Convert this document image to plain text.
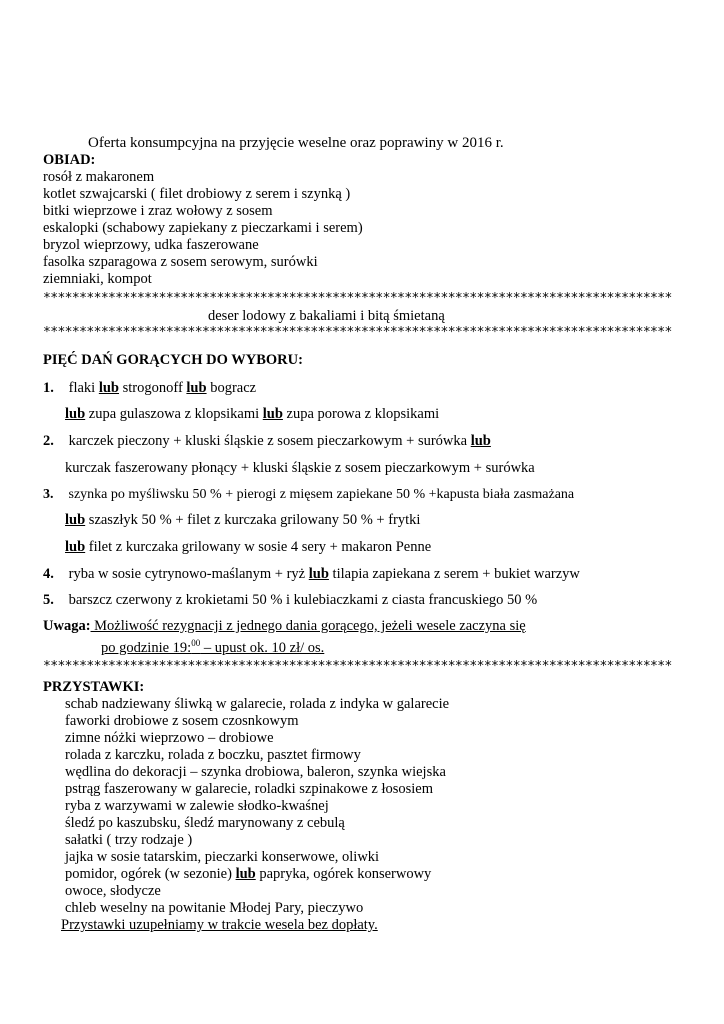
Oferta konsumpcyjna na przyjęcie weselne oraz poprawiny w 2016 r.
OBIAD:
rosół z makaronem
kotlet szwajcarski ( filet drobiowy z serem i szynką )
bitki wieprzowe i zraz wołowy z sosem
eskalopki (schabowy zapiekany z pieczarkami i serem)
bryzol wieprzowy, udka faszerowane
fasolka szparagowa z sosem serowym, surówki
ziemniaki, kompot
***************************************************************************************
deser lodowy z bakaliami i bitą śmietaną
***************************************************************************************
PIĘĆ DAŃ GORĄCYCH DO WYBORU:
1. flaki lub strogonoff lub bogracz
lub zupa gulaszowa z klopsikami lub zupa porowa z klopsikami
2. karczek pieczony + kluski śląskie z sosem pieczarkowym + surówka lub
kurczak faszerowany płonący + kluski śląskie z sosem pieczarkowym + surówka
3. szynka po myśliwsku 50 % + pierogi z mięsem zapiekane 50 % +kapusta biała zasmażana
lub szaszłyk 50 % + filet z kurczaka grilowany 50 % + frytki
lub filet z kurczaka grilowany w sosie 4 sery + makaron Penne
4. ryba w sosie cytrynowo-maślanym + ryż lub tilapia zapiekana z serem + bukiet warzyw
5. barszcz czerwony z krokietami 50 % i kulebiaczkami z ciasta francuskiego 50 %
Uwaga: Możliwość rezygnacji z jednego dania gorącego, jeżeli wesele zaczyna się
po godzinie 19:$^{00}$ – upust ok. 10 zł/ os.
***************************************************************************************
PRZYSTAWKI:
schab nadziewany śliwką w galarecie, rolada z indyka w galarecie
faworki drobiowe z sosem czosnkowym
zimne nóżki wieprzowo – drobiowe
rolada z karczku, rolada z boczku, pasztet firmowy
wędlina do dekoracji – szynka drobiowa, baleron, szynka wiejska
pstrąg faszerowany w galarecie, roladki szpinakowe z łososiem
ryba z warzywami w zalewie słodko-kwaśnej
śledź po kaszubsku, śledź marynowany z cebulą
sałatki ( trzy rodzaje )
jajka w sosie tatarskim, pieczarki konserwowe, oliwki
pomidor, ogórek (w sezonie) lub papryka, ogórek konserwowy
owoce, słodycze
chleb weselny na powitanie Młodej Pary, pieczywo
Przystawki uzupełniamy w trakcie wesela bez dopłaty.
